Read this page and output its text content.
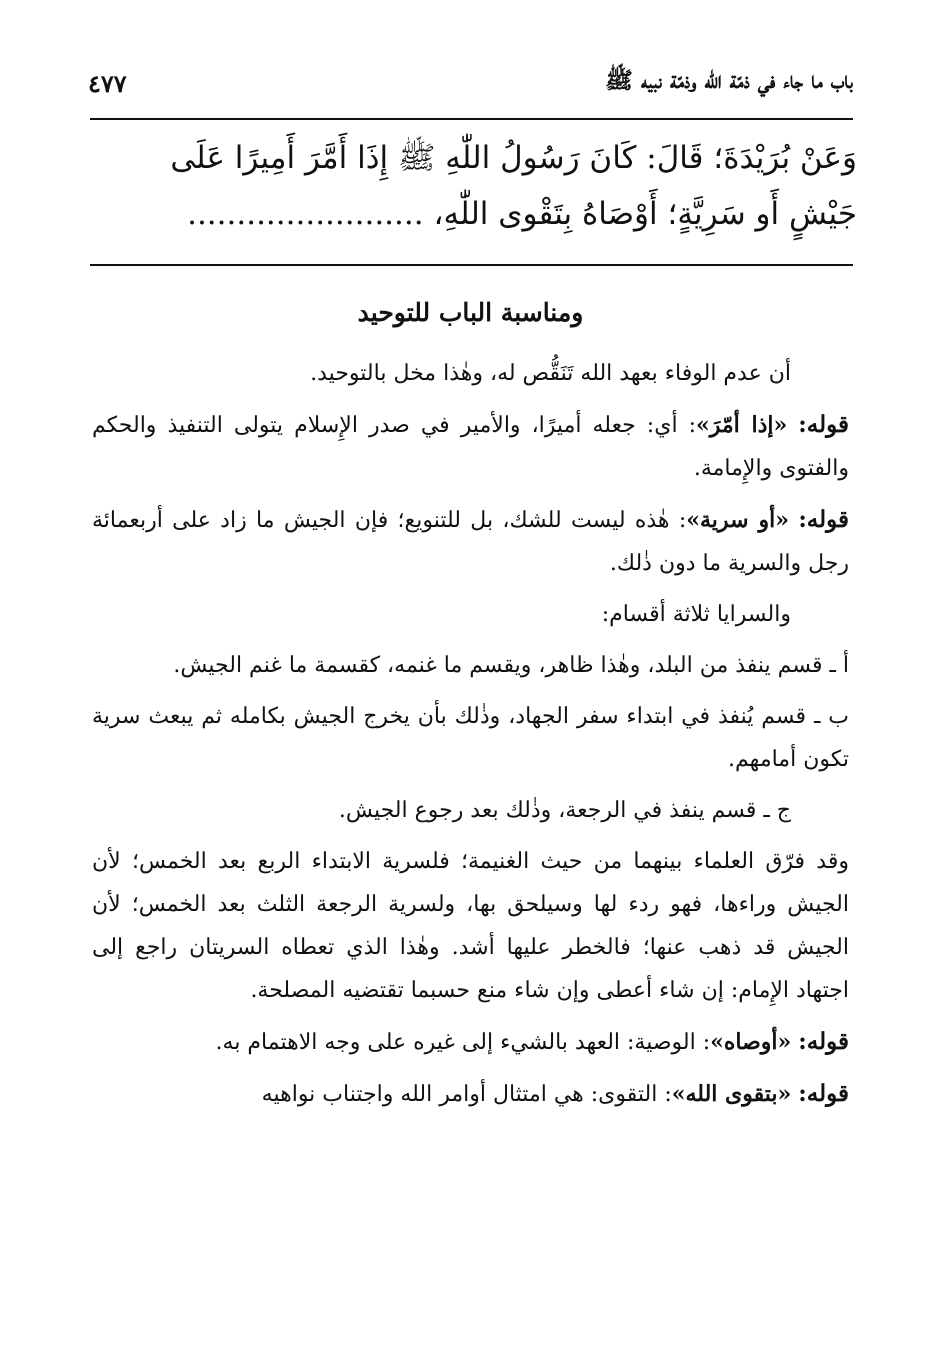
باب ما جاء في ذمّة الله وذمّة نبيه ﷺ
٤٧٧
وَعَنْ بُرَيْدَةَ؛ قَالَ: كَانَ رَسُولُ اللّٰهِ ﷺ إِذَا أَمَّرَ أَمِيرًا عَلَى
جَيْشٍ أَو سَرِيَّةٍ؛ أَوْصَاهُ بِتَقْوى اللّٰهِ، ........................
ومناسبة الباب للتوحيد

أن عدم الوفاء بعهد الله تَنَقُّص له، وهٰذا مخل بالتوحيد.

قوله: «إذا أمّرَ»: أي: جعله أميرًا، والأمير في صدر الإِسلام يتولى التنفيذ والحكم والفتوى والإِمامة.

قوله: «أو سرية»: هٰذه ليست للشك، بل للتنويع؛ فإن الجيش ما زاد على أربعمائة رجل والسرية ما دون ذٰلك.

والسرايا ثلاثة أقسام:

أ ـ قسم ينفذ من البلد، وهٰذا ظاهر، ويقسم ما غنمه، كقسمة ما غنم الجيش.

ب ـ قسم يُنفذ في ابتداء سفر الجهاد، وذٰلك بأن يخرج الجيش بكامله ثم يبعث سرية تكون أمامهم.

ج ـ قسم ينفذ في الرجعة، وذٰلك بعد رجوع الجيش.

وقد فرّق العلماء بينهما من حيث الغنيمة؛ فلسرية الابتداء الربع بعد الخمس؛ لأن الجيش وراءها، فهو ردء لها وسيلحق بها، ولسرية الرجعة الثلث بعد الخمس؛ لأن الجيش قد ذهب عنها؛ فالخطر عليها أشد. وهٰذا الذي تعطاه السريتان راجع إلى اجتهاد الإِمام: إن شاء أعطى وإن شاء منع حسبما تقتضيه المصلحة.

قوله: «أوصاه»: الوصية: العهد بالشيء إلى غيره على وجه الاهتمام به.

قوله: «بتقوى الله»: التقوى: هي امتثال أوامر الله واجتناب نواهيه
